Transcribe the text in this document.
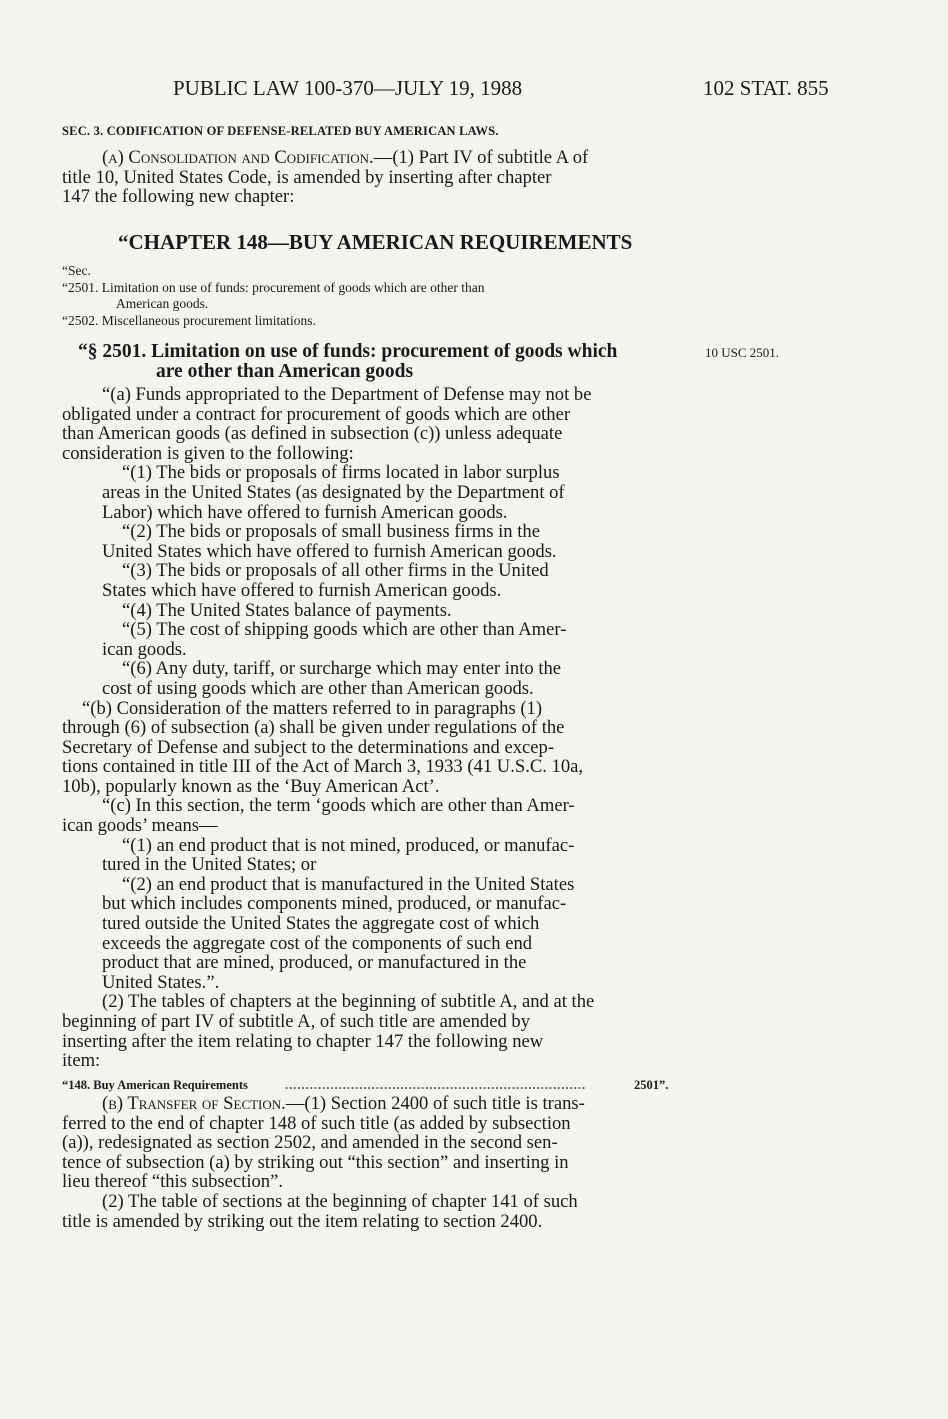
PUBLIC LAW 100-370—JULY 19, 1988	102 STAT. 855
SEC. 3. CODIFICATION OF DEFENSE-RELATED BUY AMERICAN LAWS.
(a) Consolidation and Codification.—(1) Part IV of subtitle A of
title 10, United States Code, is amended by inserting after chapter
147 the following new chapter:
“CHAPTER 148—BUY AMERICAN REQUIREMENTS
“Sec.
“2501. Limitation on use of funds: procurement of goods which are other than
American goods.
“2502. Miscellaneous procurement limitations.
“§ 2501. Limitation on use of funds: procurement of goods which
are other than American goods
10 USC 2501.
“(a) Funds appropriated to the Department of Defense may not be
obligated under a contract for procurement of goods which are other
than American goods (as defined in subsection (c)) unless adequate
consideration is given to the following:
“(1) The bids or proposals of firms located in labor surplus
areas in the United States (as designated by the Department of
Labor) which have offered to furnish American goods.
“(2) The bids or proposals of small business firms in the
United States which have offered to furnish American goods.
“(3) The bids or proposals of all other firms in the United
States which have offered to furnish American goods.
“(4) The United States balance of payments.
“(5) The cost of shipping goods which are other than Amer-
ican goods.
“(6) Any duty, tariff, or surcharge which may enter into the
cost of using goods which are other than American goods.
“(b) Consideration of the matters referred to in paragraphs (1)
through (6) of subsection (a) shall be given under regulations of the
Secretary of Defense and subject to the determinations and excep-
tions contained in title III of the Act of March 3, 1933 (41 U.S.C. 10a,
10b), popularly known as the ‘Buy American Act’.
“(c) In this section, the term ‘goods which are other than Amer-
ican goods’ means—
“(1) an end product that is not mined, produced, or manufac-
tured in the United States; or
“(2) an end product that is manufactured in the United States
but which includes components mined, produced, or manufac-
tured outside the United States the aggregate cost of which
exceeds the aggregate cost of the components of such end
product that are mined, produced, or manufactured in the
United States.”.
(2) The tables of chapters at the beginning of subtitle A, and at the
beginning of part IV of subtitle A, of such title are amended by
inserting after the item relating to chapter 147 the following new
item:
“148. Buy American Requirements	.........................................................................	2501”.
(b) Transfer of Section.—(1) Section 2400 of such title is trans-
ferred to the end of chapter 148 of such title (as added by subsection
(a)), redesignated as section 2502, and amended in the second sen-
tence of subsection (a) by striking out “this section” and inserting in
lieu thereof “this subsection”.
(2) The table of sections at the beginning of chapter 141 of such
title is amended by striking out the item relating to section 2400.
